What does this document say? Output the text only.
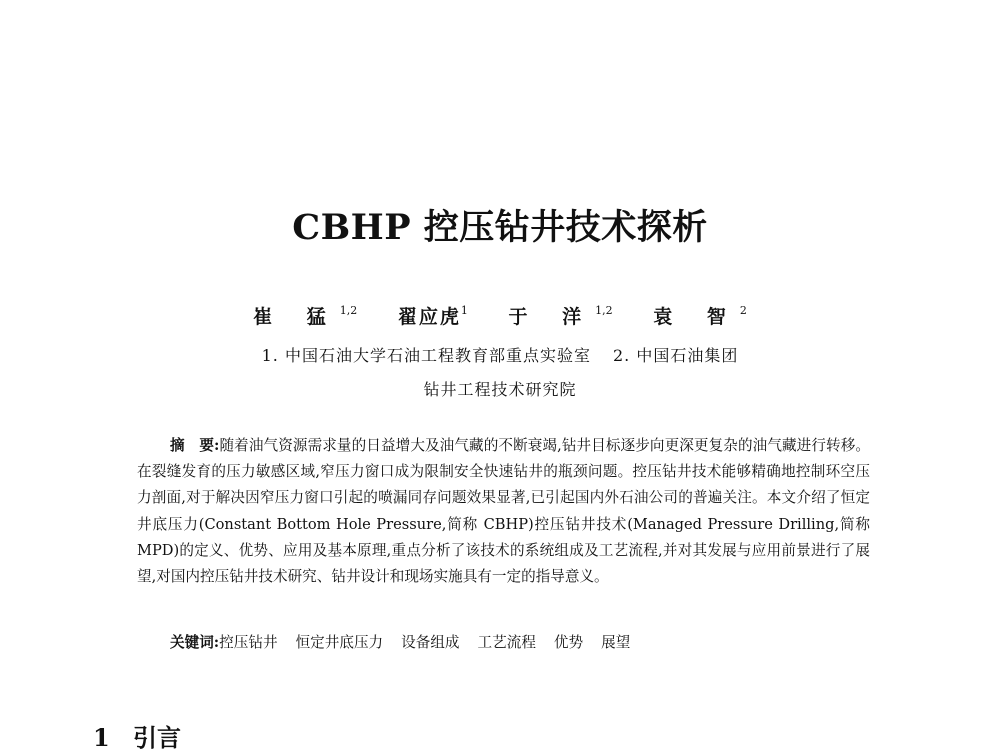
CBHP 控压钻井技术探析
崔 猛$^{1,2}$ 翟应虎$^1$ 于 洋$^{1,2}$ 袁 智$^2$
1. 中国石油大学石油工程教育部重点实验室 2. 中国石油集团
钻井工程技术研究院
摘　要:随着油气资源需求量的日益增大及油气藏的不断衰竭,钻井目标逐步向更深更复杂的油气藏进行转移。在裂缝发育的压力敏感区域,窄压力窗口成为限制安全快速钻井的瓶颈问题。控压钻井技术能够精确地控制环空压力剖面,对于解决因窄压力窗口引起的喷漏同存问题效果显著,已引起国内外石油公司的普遍关注。本文介绍了恒定井底压力(Constant Bottom Hole Pressure,简称 CBHP)控压钻井技术(Managed Pressure Drilling,简称 MPD)的定义、优势、应用及基本原理,重点分析了该技术的系统组成及工艺流程,并对其发展与应用前景进行了展望,对国内控压钻井技术研究、钻井设计和现场实施具有一定的指导意义。
关键词:控压钻井 恒定井底压力 设备组成 工艺流程 优势 展望
1 引言
